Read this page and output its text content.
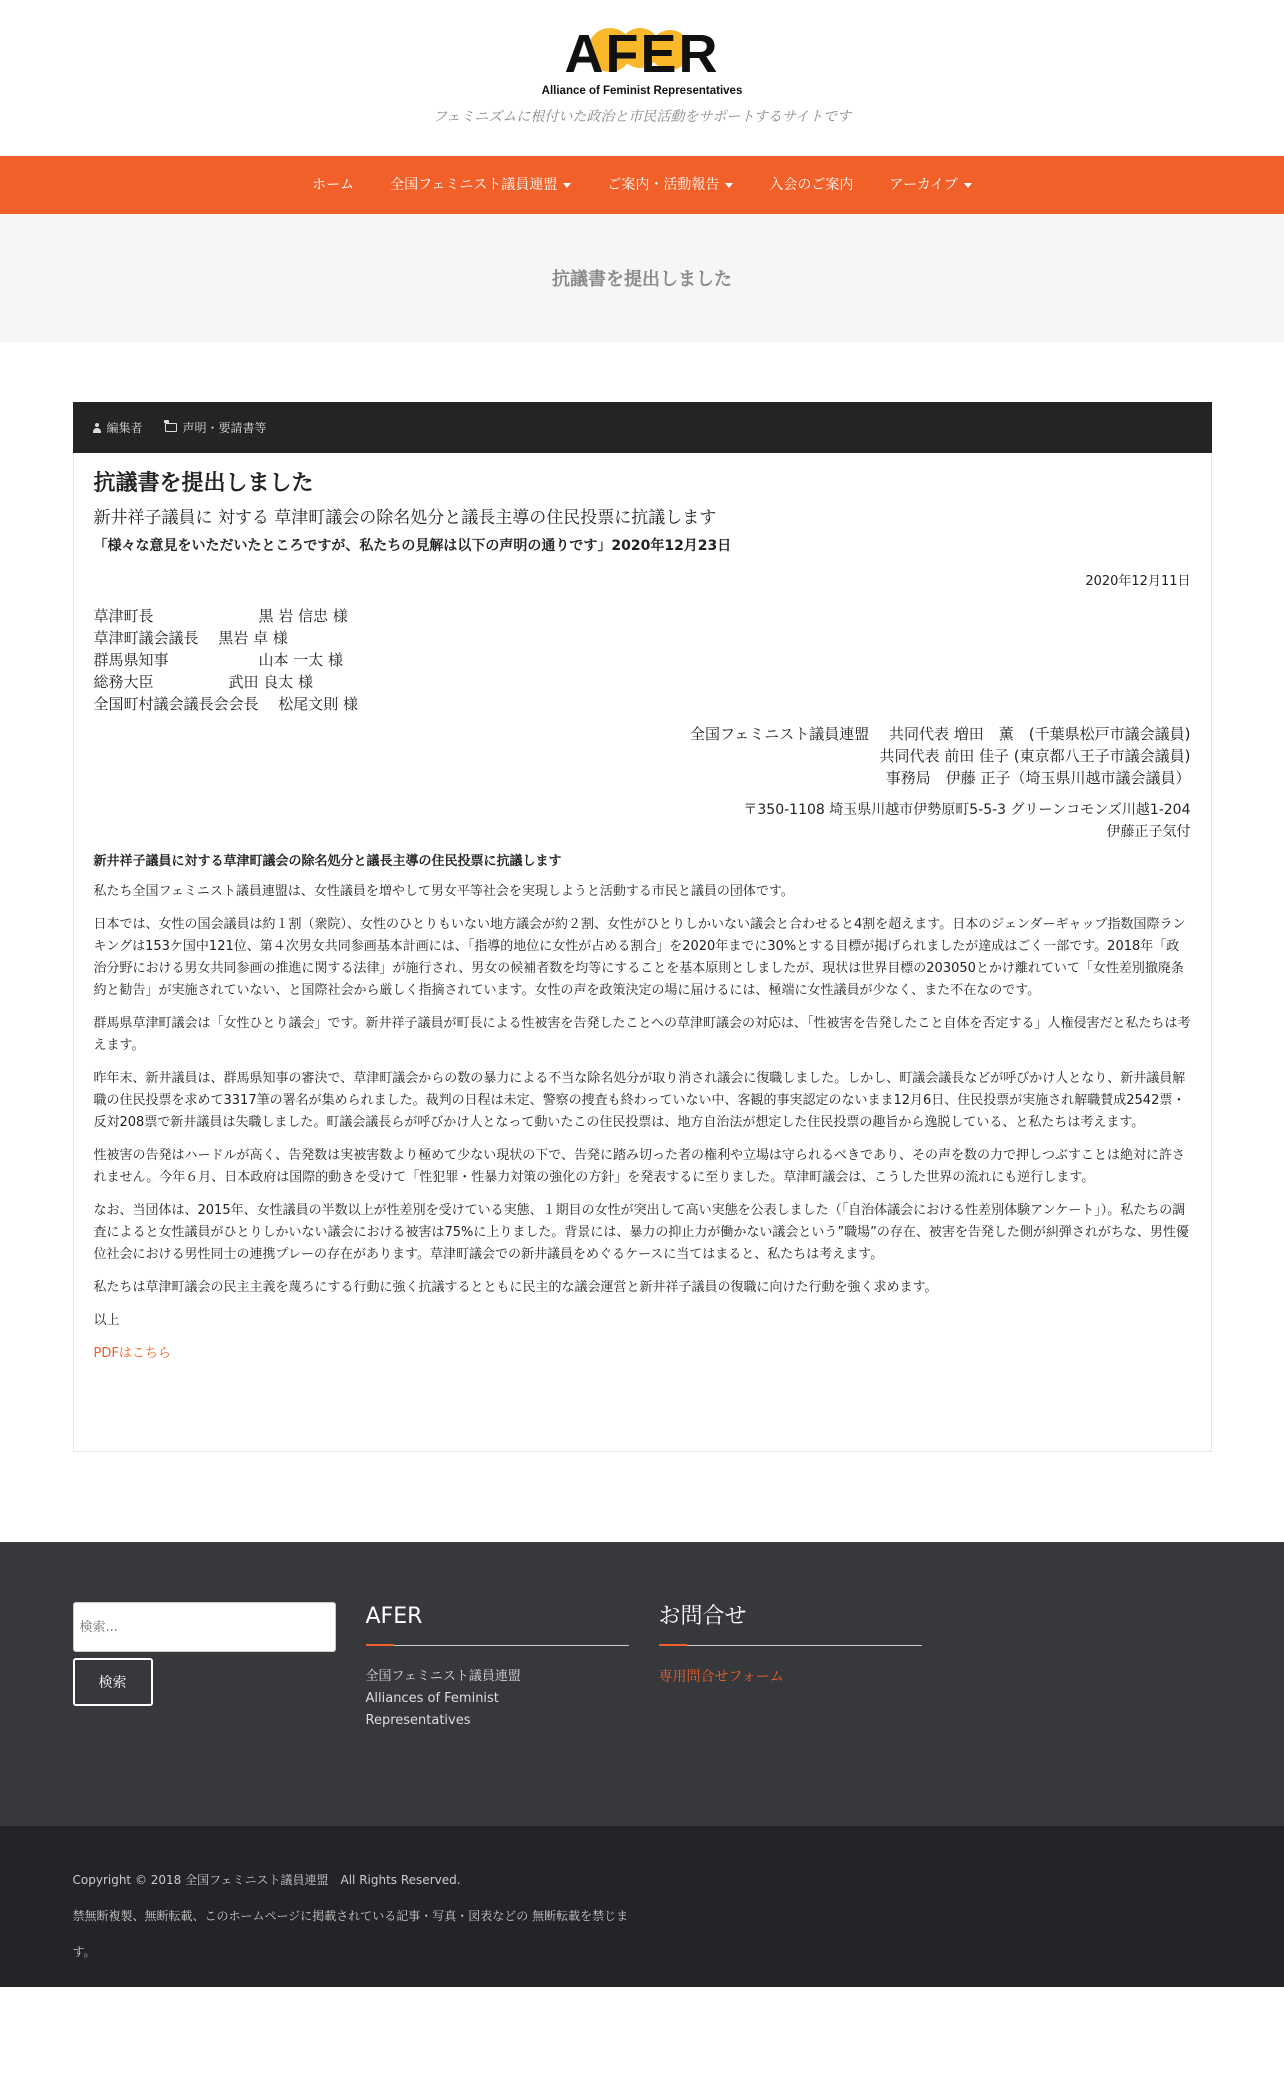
AFER
Alliance of Feminist Representatives
フェミニズムに根付いた政治と市民活動をサポートするサイトです
ホーム	全国フェミニスト議員連盟	ご案内・活動報告	入会のご案内	アーカイブ
抗議書を提出しました
編集者	声明・要請書等
抗議書を提出しました
新井祥子議員に 対する 草津町議会の除名処分と議長主導の住民投票に抗議します
「様々な意見をいただいたところですが、私たちの見解は以下の声明の通りです」2020年12月23日
2020年12月11日
草津町長　　　　　　　黒 岩 信忠 様
草津町議会議長　 黒岩 卓 様
群馬県知事　　　　　　山本 一太 様
総務大臣　　　　　武田 良太 様
全国町村議会議長会会長　 松尾文則 様
全国フェミニスト議員連盟　 共同代表 増田　薫　(千葉県松戸市議会議員)
共同代表 前田 佳子 (東京都八王子市議会議員)
事務局　伊藤 正子（埼玉県川越市議会議員）
〒350-1108 埼玉県川越市伊勢原町5-5-3 グリーンコモンズ川越1-204
伊藤正子気付
新井祥子議員に対する草津町議会の除名処分と議長主導の住民投票に抗議します

私たち全国フェミニスト議員連盟は、女性議員を増やして男女平等社会を実現しようと活動する市民と議員の団体です。

日本では、女性の国会議員は約１割（衆院）、女性のひとりもいない地方議会が約２割、女性がひとりしかいない議会と合わせると4割を超えます。日本のジェンダーギャップ指数国際ランキングは153ケ国中121位、第４次男女共同参画基本計画には、「指導的地位に女性が占める割合」を2020年までに30%とする目標が掲げられましたが達成はごく一部です。2018年「政治分野における男女共同参画の推進に関する法律」が施行され、男女の候補者数を均等にすることを基本原則としましたが、現状は世界目標の203050とかけ離れていて「女性差別撤廃条約と勧告」が実施されていない、と国際社会から厳しく指摘されています。女性の声を政策決定の場に届けるには、極端に女性議員が少なく、また不在なのです。

群馬県草津町議会は「女性ひとり議会」です。新井祥子議員が町長による性被害を告発したことへの草津町議会の対応は、「性被害を告発したこと自体を否定する」人権侵害だと私たちは考えます。

昨年末、新井議員は、群馬県知事の審決で、草津町議会からの数の暴力による不当な除名処分が取り消され議会に復職しました。しかし、町議会議長などが呼びかけ人となり、新井議員解職の住民投票を求めて3317筆の署名が集められました。裁判の日程は未定、警察の捜査も終わっていない中、客観的事実認定のないまま12月6日、住民投票が実施され解職賛成2542票・反対208票で新井議員は失職しました。町議会議長らが呼びかけ人となって動いたこの住民投票は、地方自治法が想定した住民投票の趣旨から逸脱している、と私たちは考えます。

性被害の告発はハードルが高く、告発数は実被害数より極めて少ない現状の下で、告発に踏み切った者の権利や立場は守られるべきであり、その声を数の力で押しつぶすことは絶対に許されません。今年６月、日本政府は国際的動きを受けて「性犯罪・性暴力対策の強化の方針」を発表するに至りました。草津町議会は、こうした世界の流れにも逆行します。

なお、当団体は、2015年、女性議員の半数以上が性差別を受けている実態、１期目の女性が突出して高い実態を公表しました（「自治体議会における性差別体験アンケート」）。私たちの調査によると女性議員がひとりしかいない議会における被害は75%に上りました。背景には、暴力の抑止力が働かない議会という”職場”の存在、被害を告発した側が糾弾されがちな、男性優位社会における男性同士の連携プレーの存在があります。草津町議会での新井議員をめぐるケースに当てはまると、私たちは考えます。

私たちは草津町議会の民主主義を蔑ろにする行動に強く抗議するとともに民主的な議会運営と新井祥子議員の復職に向けた行動を強く求めます。

以上

PDFはこちら
検索...
検索
AFER
全国フェミニスト議員連盟
Alliances of Feminist
Representatives
お問合せ
専用問合せフォーム
Copyright © 2018 全国フェミニスト議員連盟　All Rights Reserved.
禁無断複製、無断転載、このホームページに掲載されている記事・写真・図表などの 無断転載を禁じます。
